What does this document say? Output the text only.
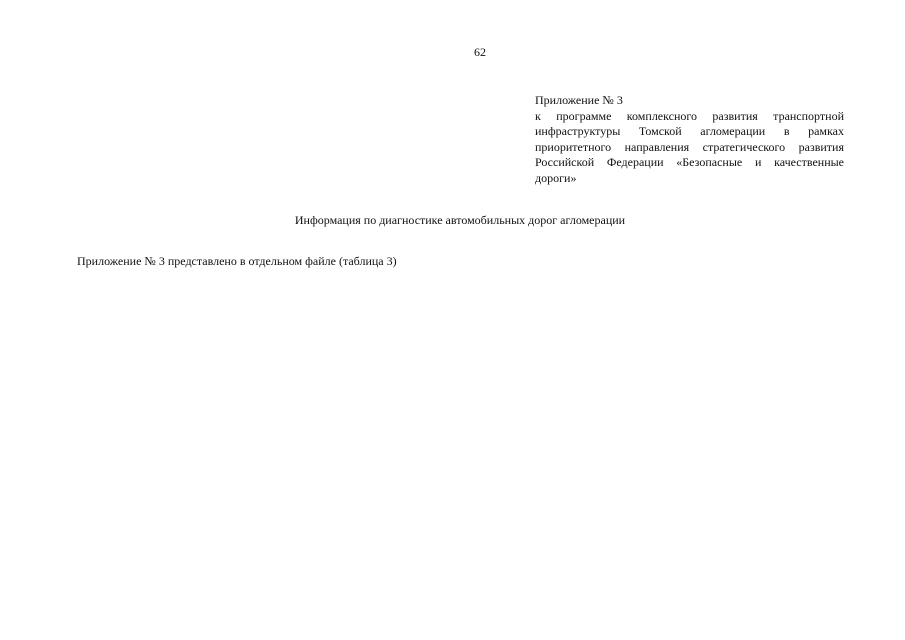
62
Приложение № 3
к программе комплексного развития транспортной инфраструктуры Томской агломерации в рамках приоритетного направления стратегического развития Российской Федерации «Безопасные и качественные дороги»
Информация по диагностике автомобильных дорог агломерации
Приложение № 3 представлено в отдельном файле (таблица 3)
